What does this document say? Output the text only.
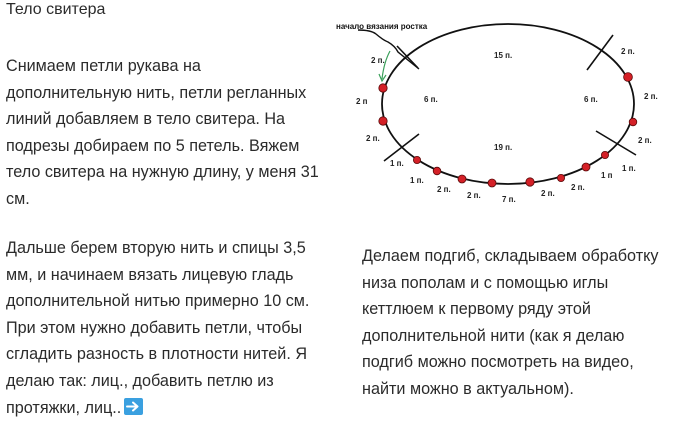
Тело свитера
Снимаем петли рукава на
дополнительную нить, петли регланных
линий добавляем в тело свитера. На
подрезы добираем по 5 петель. Вяжем
тело свитера на нужную длину, у меня 31
см.
Дальше берем вторую нить и спицы 3,5
мм, и начинаем вязать лицевую гладь
дополнительной нитью примерно 10 см.
При этом нужно добавить петли, чтобы
сгладить разность в плотности нитей. Я
делаю так: лиц., добавить петлю из
протяжки, лиц..
Делаем подгиб, складываем обработку
низа пополам и с помощью иглы
кеттлюем к первому ряду этой
дополнительной нити (как я делаю
подгиб можно посмотреть на видео,
найти можно в актуальном).
начало вязания ростка
15 п.
6 п.	6 п.
19 п.
2 п.
2 п
2 п.
1 п.
1 п.
2 п.
2 п.	7 п.
2 п.
2 п.
1 п
1 п.
2 п.
2 п.
2 п.
